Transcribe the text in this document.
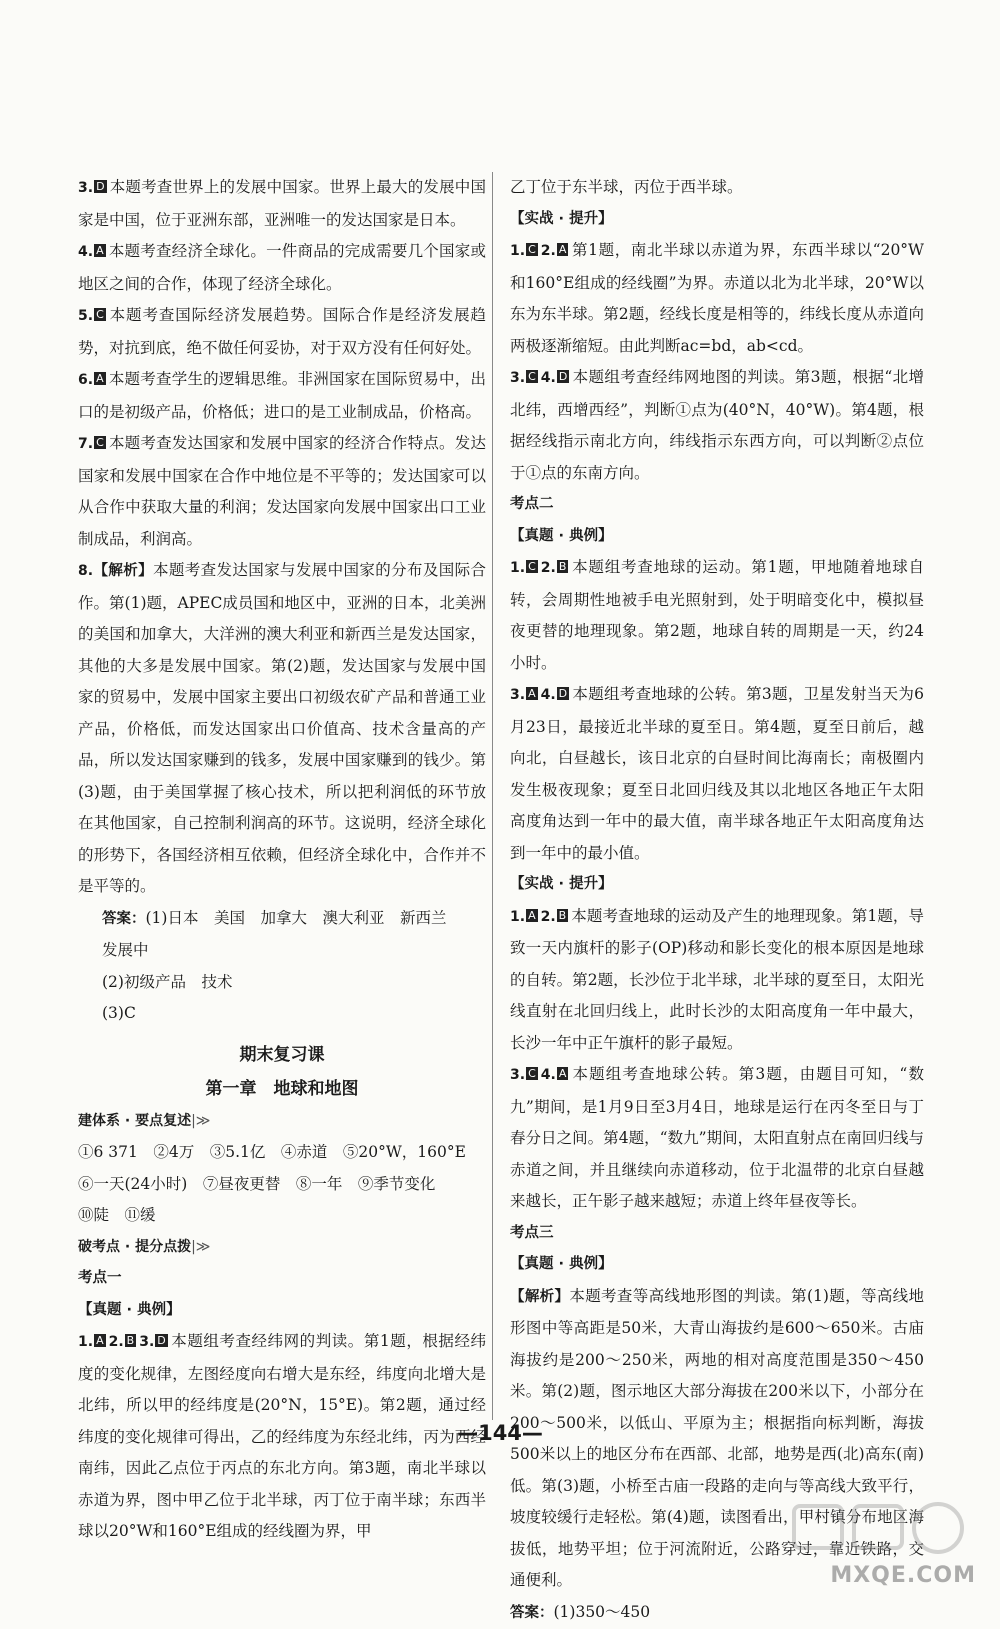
3. D 本题考查世界上的发展中国家。世界上最大的发展中国家是中国，位于亚洲东部，亚洲唯一的发达国家是日本。

4. A 本题考查经济全球化。一件商品的完成需要几个国家或地区之间的合作，体现了经济全球化。

5. C 本题考查国际经济发展趋势。国际合作是经济发展趋势，对抗到底，绝不做任何妥协，对于双方没有任何好处。

6. A 本题考查学生的逻辑思维。非洲国家在国际贸易中，出口的是初级产品，价格低；进口的是工业制成品，价格高。

7. C 本题考查发达国家和发展中国家的经济合作特点。发达国家和发展中国家在合作中地位是不平等的；发达国家可以从合作中获取大量的利润；发达国家向发展中国家出口工业制成品，利润高。

8.【解析】本题考查发达国家与发展中国家的分布及国际合作。第(1)题，APEC成员国和地区中，亚洲的日本，北美洲的美国和加拿大，大洋洲的澳大利亚和新西兰是发达国家，其他的大多是发展中国家。第(2)题，发达国家与发展中国家的贸易中，发展中国家主要出口初级农矿产品和普通工业产品，价格低，而发达国家出口价值高、技术含量高的产品，所以发达国家赚到的钱多，发展中国家赚到的钱少。第(3)题，由于美国掌握了核心技术，所以把利润低的环节放在其他国家，自己控制利润高的环节。这说明，经济全球化的形势下，各国经济相互依赖，但经济全球化中，合作并不是平等的。

答案：(1)日本　美国　加拿大　澳大利亚　新西兰

发展中

(2)初级产品　技术

(3)C

期末复习课
第一章　地球和地图

建体系 · 要点复述|≫

①6 371　②4万　③5.1亿　④赤道　⑤20°W，160°E

⑥一天(24小时)　⑦昼夜更替　⑧一年　⑨季节变化

⑩陡　⑪缓

破考点 · 提分点拨|≫

考点一

【真题 · 典例】

1. A 2. B 3. D 本题组考查经纬网的判读。第1题，根据经纬度的变化规律，左图经度向右增大是东经，纬度向北增大是北纬，所以甲的经纬度是(20°N，15°E)。第2题，通过经纬度的变化规律可得出，乙的经纬度为东经北纬，丙为西经南纬，因此乙点位于丙点的东北方向。第3题，南北半球以赤道为界，图中甲乙位于北半球，丙丁位于南半球；东西半球以20°W和160°E组成的经线圈为界，甲

乙丁位于东半球，丙位于西半球。

【实战 · 提升】

1. C 2. A 第1题，南北半球以赤道为界，东西半球以“20°W和160°E组成的经线圈”为界。赤道以北为北半球，20°W以东为东半球。第2题，经线长度是相等的，纬线长度从赤道向两极逐渐缩短。由此判断ac=bd，ab<cd。

3. C 4. D 本题组考查经纬网地图的判读。第3题，根据“北增北纬，西增西经”，判断①点为(40°N，40°W)。第4题，根据经线指示南北方向，纬线指示东西方向，可以判断②点位于①点的东南方向。

考点二

【真题 · 典例】

1. C 2. B 本题组考查地球的运动。第1题，甲地随着地球自转，会周期性地被手电光照射到，处于明暗变化中，模拟昼夜更替的地理现象。第2题，地球自转的周期是一天，约24小时。

3. A 4. D 本题组考查地球的公转。第3题，卫星发射当天为6月23日，最接近北半球的夏至日。第4题，夏至日前后，越向北，白昼越长，该日北京的白昼时间比海南长；南极圈内发生极夜现象；夏至日北回归线及其以北地区各地正午太阳高度角达到一年中的最大值，南半球各地正午太阳高度角达到一年中的最小值。

【实战 · 提升】

1. A 2. B 本题考查地球的运动及产生的地理现象。第1题，导致一天内旗杆的影子(OP)移动和影长变化的根本原因是地球的自转。第2题，长沙位于北半球，北半球的夏至日，太阳光线直射在北回归线上，此时长沙的太阳高度角一年中最大，长沙一年中正午旗杆的影子最短。

3. C 4. A 本题组考查地球公转。第3题，由题目可知，“数九”期间，是1月9日至3月4日，地球是运行在丙冬至日与丁春分日之间。第4题，“数九”期间，太阳直射点在南回归线与赤道之间，并且继续向赤道移动，位于北温带的北京白昼越来越长，正午影子越来越短；赤道上终年昼夜等长。

考点三

【真题 · 典例】

【解析】本题考查等高线地形图的判读。第(1)题，等高线地形图中等高距是50米，大青山海拔约是600～650米。古庙海拔约是200～250米，两地的相对高度范围是350～450米。第(2)题，图示地区大部分海拔在200米以下，小部分在200～500米，以低山、平原为主；根据指向标判断，海拔500米以上的地区分布在西部、北部，地势是西(北)高东(南)低。第(3)题，小桥至古庙一段路的走向与等高线大致平行，坡度较缓行走轻松。第(4)题，读图看出，甲村镇分布地区海拔低，地势平坦；位于河流附近，公路穿过，靠近铁路，交通便利。

答案：(1)350～450

—144—
MXQE.COM
